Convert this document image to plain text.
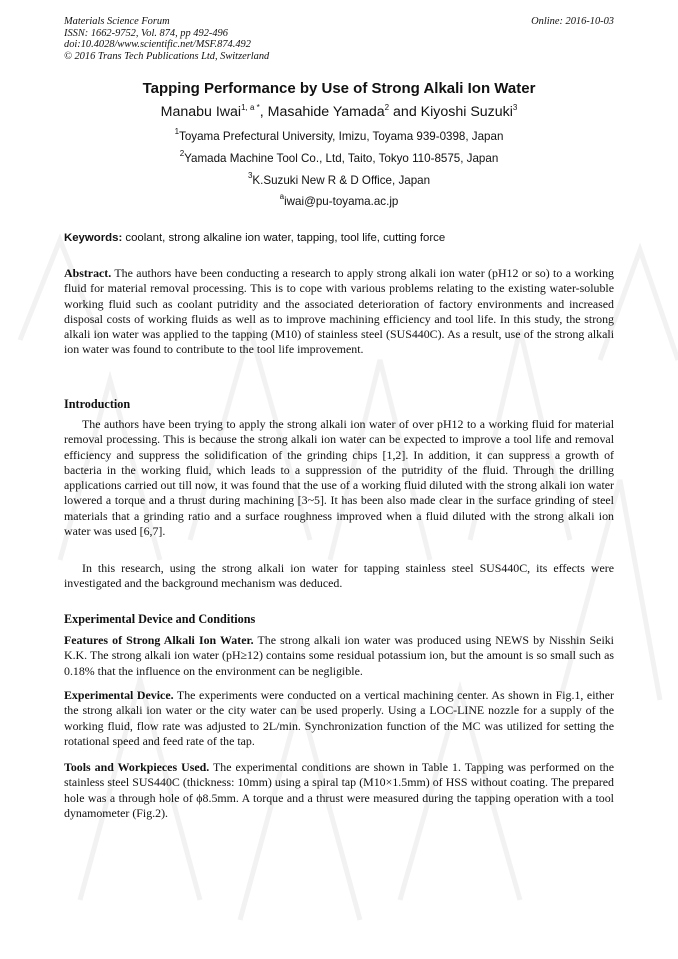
Materials Science Forum
ISSN: 1662-9752, Vol. 874, pp 492-496
doi:10.4028/www.scientific.net/MSF.874.492
© 2016 Trans Tech Publications Ltd, Switzerland
Online: 2016-10-03
Tapping Performance by Use of Strong Alkali Ion Water
Manabu Iwai$^{1, a *}$, Masahide Yamada$^2$ and Kiyoshi Suzuki$^3$
$^1$Toyama Prefectural University, Imizu, Toyama 939-0398, Japan
$^2$Yamada Machine Tool Co., Ltd, Taito, Tokyo 110-8575, Japan
$^3$K.Suzuki New R & D Office, Japan
$^a$iwai@pu-toyama.ac.jp
Keywords: coolant, strong alkaline ion water, tapping, tool life, cutting force
Abstract. The authors have been conducting a research to apply strong alkali ion water (pH12 or so) to a working fluid for material removal processing. This is to cope with various problems relating to the existing water-soluble working fluid such as coolant putridity and the associated deterioration of factory environments and increased disposal costs of working fluids as well as to improve machining efficiency and tool life. In this study, the strong alkali ion water was applied to the tapping (M10) of stainless steel (SUS440C). As a result, use of the strong alkali ion water was found to contribute to the tool life improvement.
Introduction
The authors have been trying to apply the strong alkali ion water of over pH12 to a working fluid for material removal processing. This is because the strong alkali ion water can be expected to improve a tool life and removal efficiency and suppress the solidification of the grinding chips [1,2]. In addition, it can suppress a growth of bacteria in the working fluid, which leads to a suppression of the putridity of the fluid. Through the drilling applications carried out till now, it was found that the use of a working fluid diluted with the strong alkali ion water lowered a torque and a thrust during machining [3~5]. It has been also made clear in the surface grinding of steel materials that a grinding ratio and a surface roughness improved when a fluid diluted with the strong alkali ion water was used [6,7].
In this research, using the strong alkali ion water for tapping stainless steel SUS440C, its effects were investigated and the background mechanism was deduced.
Experimental Device and Conditions
Features of Strong Alkali Ion Water. The strong alkali ion water was produced using NEWS by Nisshin Seiki K.K. The strong alkali ion water (pH≥12) contains some residual potassium ion, but the amount is so small such as 0.18% that the influence on the environment can be negligible.
Experimental Device. The experiments were conducted on a vertical machining center. As shown in Fig.1, either the strong alkali ion water or the city water can be used properly. Using a LOC-LINE nozzle for a supply of the working fluid, flow rate was adjusted to 2L/min. Synchronization function of the MC was utilized for setting the rotational speed and feed rate of the tap.
Tools and Workpieces Used. The experimental conditions are shown in Table 1. Tapping was performed on the stainless steel SUS440C (thickness: 10mm) using a spiral tap (M10×1.5mm) of HSS without coating. The prepared hole was a through hole of ϕ8.5mm. A torque and a thrust were measured during the tapping operation with a tool dynamometer (Fig.2).
